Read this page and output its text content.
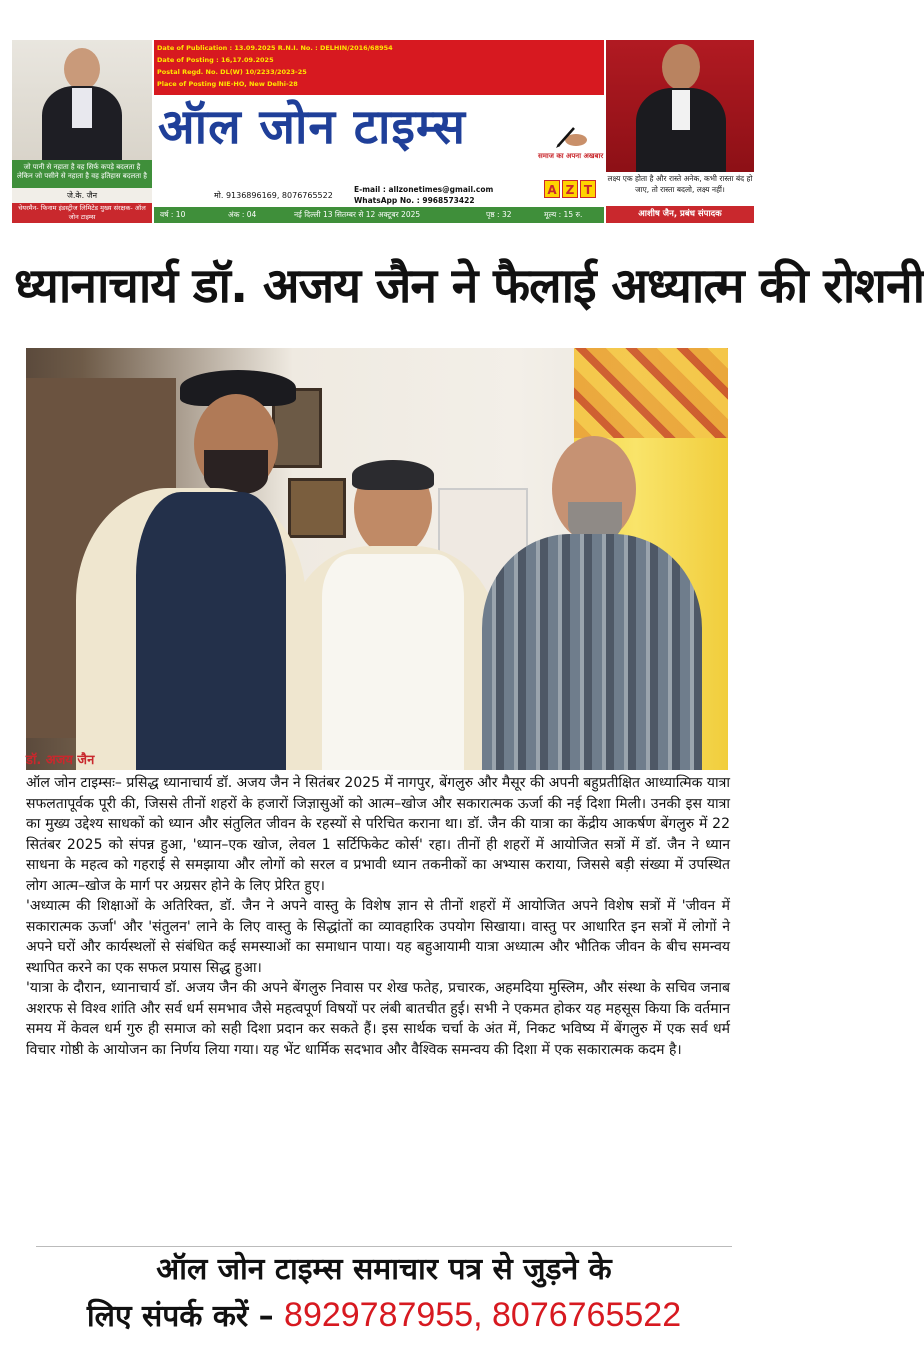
जो पानी से नहाता है वह सिर्फ कपड़े बदलता है लेकिन जो पसीने से नहाता है वह इतिहास बदलता है
जे.के. जैन
चेयरमैन- फिनाम इंडस्ट्रीज लिमिटेड मुख्य संरक्षक- ऑल जोन टाइम्स
Date of Publication : 13.09.2025 R.N.I. No. : DELHIN/2016/68954
Date of Posting : 16,17.09.2025
Postal Regd. No. DL(W) 10/2233/2023-25
Place of Posting NIE-HO, New Delhi-28
ऑल जोन टाइम्स
समाज का अपना अखबार
A Z T
मो. 9136896169, 8076765522
E-mail : allzonetimes@gmail.com
WhatsApp No. : 9968573422
वर्ष : 10	अंक : 04	नई दिल्ली 13 सितम्बर से 12 अक्टूबर 2025	पृष्ठ : 32	मूल्य : 15 रु.
लक्ष्य एक होता है और रास्ते अनेक, कभी रास्ता बंद हो जाए, तो रास्ता बदलो, लक्ष्य नहीं।
आशीष जैन, प्रबंध संपादक
ध्यानाचार्य डॉ. अजय जैन ने फैलाई अध्यात्म की रोशनी
डॉ. अजय जैन

ऑल जोन टाइम्सः– प्रसिद्ध ध्यानाचार्य डॉ. अजय जैन ने सितंबर 2025 में नागपुर, बेंगलुरु और मैसूर की अपनी बहुप्रतीक्षित आध्यात्मिक यात्रा सफलतापूर्वक पूरी की, जिससे तीनों शहरों के हजारों जिज्ञासुओं को आत्म–खोज और सकारात्मक ऊर्जा की नई दिशा मिली। उनकी इस यात्रा का मुख्य उद्देश्य साधकों को ध्यान और संतुलित जीवन के रहस्यों से परिचित कराना था। डॉ. जैन की यात्रा का केंद्रीय आकर्षण बेंगलुरु में 22 सितंबर 2025 को संपन्न हुआ, 'ध्यान–एक खोज, लेवल 1 सर्टिफिकेट कोर्स' रहा। तीनों ही शहरों में आयोजित सत्रों में डॉ. जैन ने ध्यान साधना के महत्व को गहराई से समझाया और लोगों को सरल व प्रभावी ध्यान तकनीकों का अभ्यास कराया, जिससे बड़ी संख्या में उपस्थित लोग आत्म–खोज के मार्ग पर अग्रसर होने के लिए प्रेरित हुए।

'अध्यात्म की शिक्षाओं के अतिरिक्त, डॉ. जैन ने अपने वास्तु के विशेष ज्ञान से तीनों शहरों में आयोजित अपने विशेष सत्रों में 'जीवन में सकारात्मक ऊर्जा' और 'संतुलन' लाने के लिए वास्तु के सिद्धांतों का व्यावहारिक उपयोग सिखाया। वास्तु पर आधारित इन सत्रों में लोगों ने अपने घरों और कार्यस्थलों से संबंधित कई समस्याओं का समाधान पाया। यह बहुआयामी यात्रा अध्यात्म और भौतिक जीवन के बीच समन्वय स्थापित करने का एक सफल प्रयास सिद्ध हुआ।

'यात्रा के दौरान, ध्यानाचार्य डॉ. अजय जैन की अपने बेंगलुरु निवास पर शेख फतेह, प्रचारक, अहमदिया मुस्लिम, और संस्था के सचिव जनाब अशरफ से विश्व शांति और सर्व धर्म समभाव जैसे महत्वपूर्ण विषयों पर लंबी बातचीत हुई। सभी ने एकमत होकर यह महसूस किया कि वर्तमान समय में केवल धर्म गुरु ही समाज को सही दिशा प्रदान कर सकते हैं। इस सार्थक चर्चा के अंत में, निकट भविष्य में बेंगलुरु में एक सर्व धर्म विचार गोष्ठी के आयोजन का निर्णय लिया गया। यह भेंट धार्मिक सदभाव और वैश्विक समन्वय की दिशा में एक सकारात्मक कदम है।

ऑल जोन टाइम्स समाचार पत्र से जुड़ने के
लिए संपर्क करें – 8929787955, 8076765522
